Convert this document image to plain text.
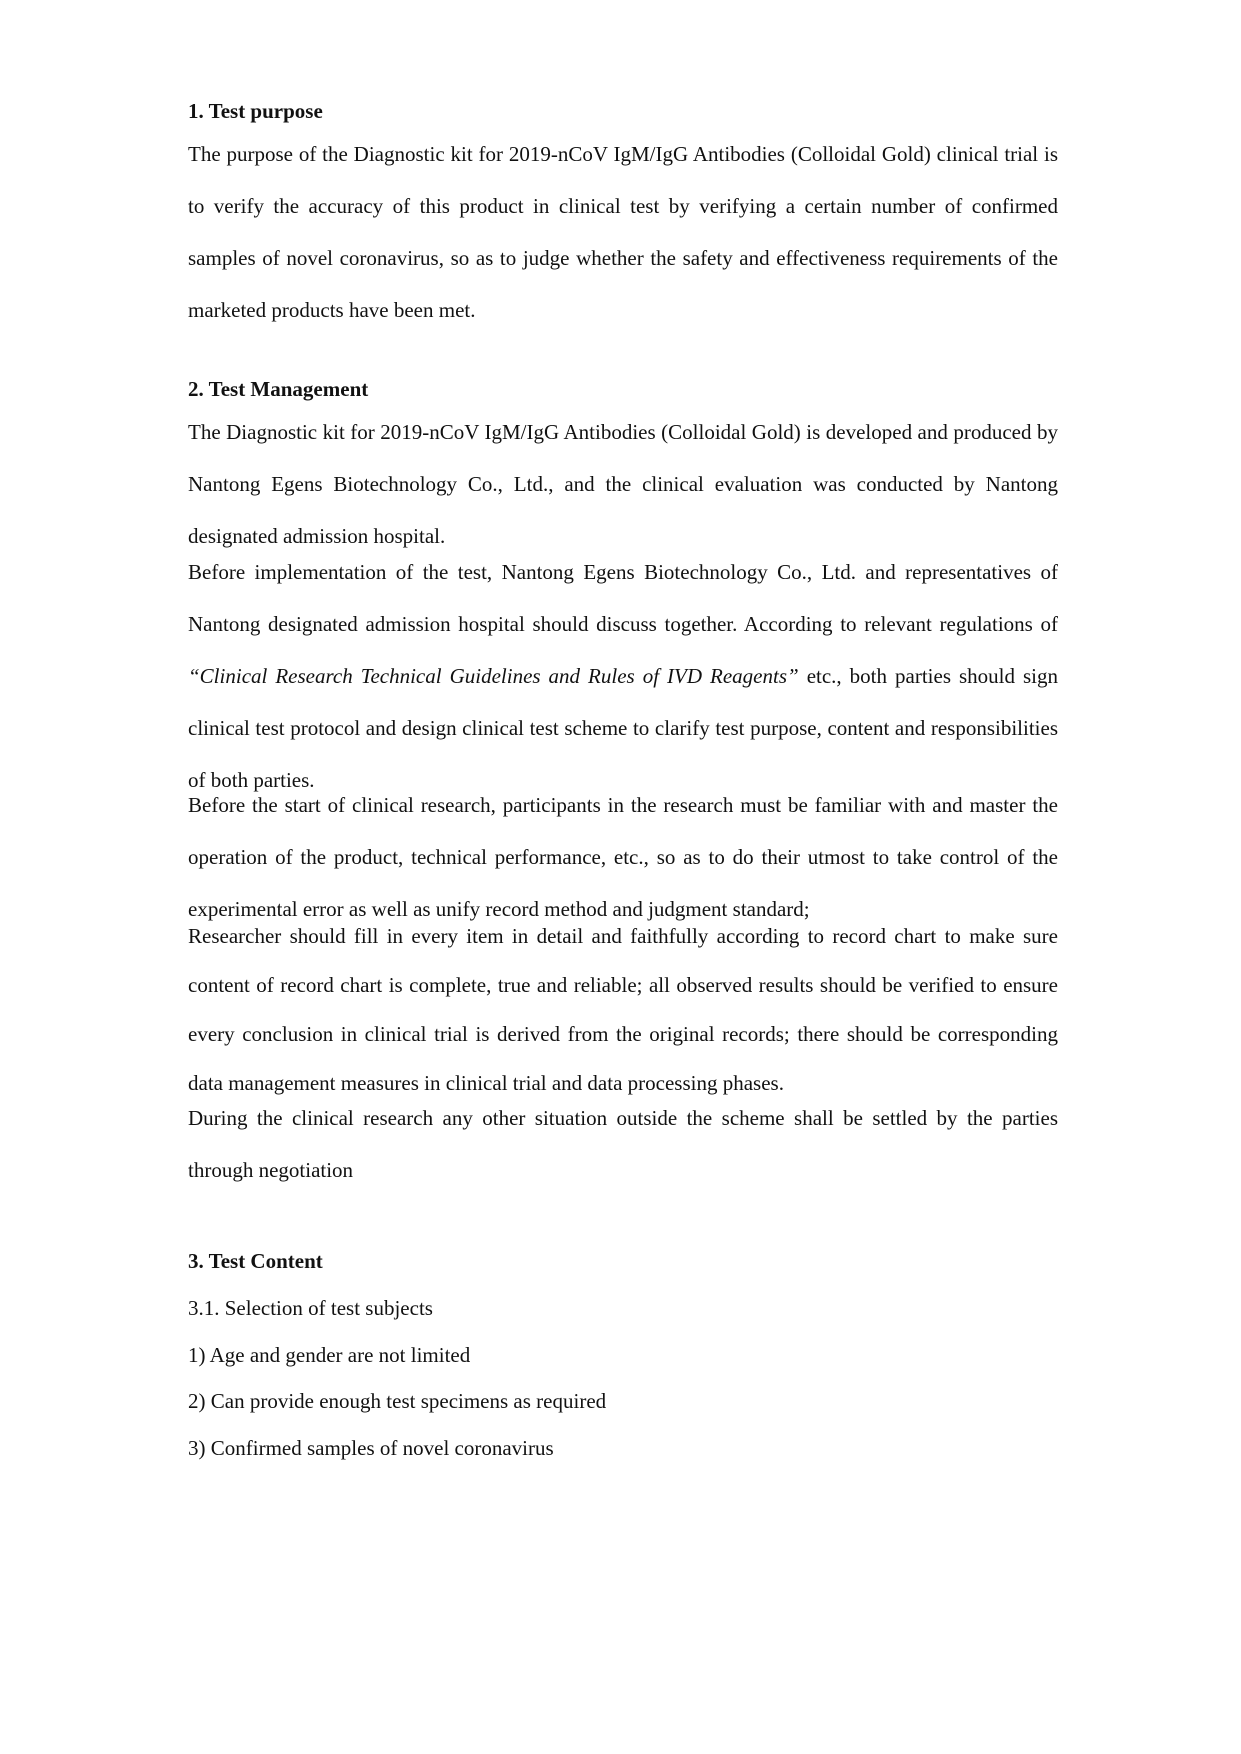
1. Test purpose

The purpose of the Diagnostic kit for 2019-nCoV IgM/IgG Antibodies (Colloidal Gold) clinical trial is to verify the accuracy of this product in clinical test by verifying a certain number of confirmed samples of novel coronavirus, so as to judge whether the safety and effectiveness requirements of the marketed products have been met.

2. Test Management

The Diagnostic kit for 2019-nCoV IgM/IgG Antibodies (Colloidal Gold) is developed and produced by Nantong Egens Biotechnology Co., Ltd., and the clinical evaluation was conducted by Nantong designated admission hospital.

Before implementation of the test, Nantong Egens Biotechnology Co., Ltd. and representatives of Nantong designated admission hospital should discuss together. According to relevant regulations of “Clinical Research Technical Guidelines and Rules of IVD Reagents” etc., both parties should sign clinical test protocol and design clinical test scheme to clarify test purpose, content and responsibilities of both parties.

Before the start of clinical research, participants in the research must be familiar with and master the operation of the product, technical performance, etc., so as to do their utmost to take control of the experimental error as well as unify record method and judgment standard;

Researcher should fill in every item in detail and faithfully according to record chart to make sure content of record chart is complete, true and reliable; all observed results should be verified to ensure every conclusion in clinical trial is derived from the original records; there should be corresponding data management measures in clinical trial and data processing phases.

During the clinical research any other situation outside the scheme shall be settled by the parties through negotiation

3. Test Content
3.1. Selection of test subjects
1) Age and gender are not limited
2) Can provide enough test specimens as required
3) Confirmed samples of novel coronavirus
